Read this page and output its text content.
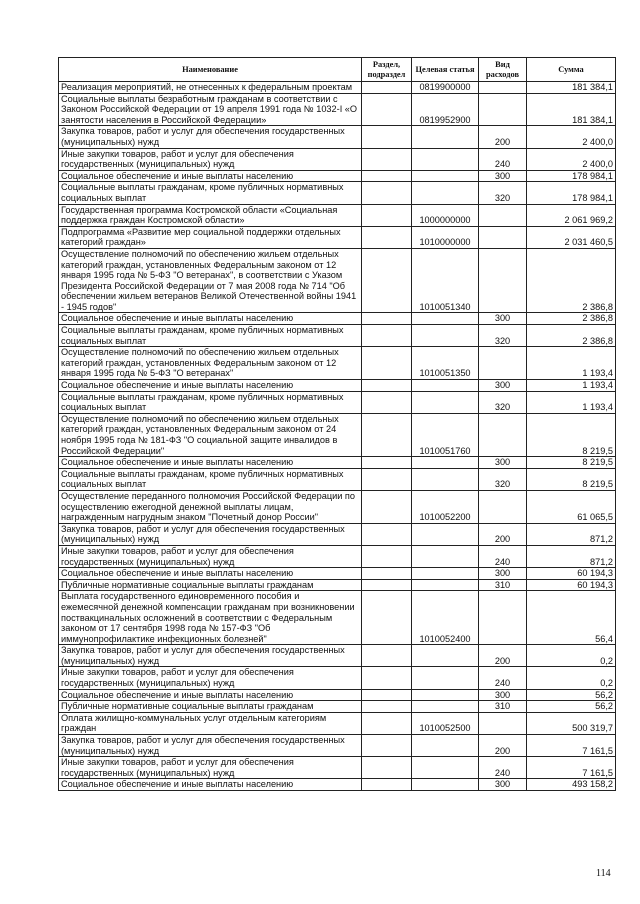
Наименование	Раздел, подраздел	Целевая статья	Вид расходов	Сумма
Реализация мероприятий, не отнесенных к федеральным проектам		0819900000		181 384,1
Социальные выплаты безработным гражданам в соответствии с Законом Российской Федерации от 19 апреля 1991 года № 1032-I «О занятости населения в Российской Федерации»		0819952900		181 384,1
Закупка товаров, работ и услуг для обеспечения государственных (муниципальных) нужд			200	2 400,0
Иные закупки товаров, работ и услуг для обеспечения государственных (муниципальных) нужд			240	2 400,0
Социальное обеспечение и иные выплаты населению			300	178 984,1
Социальные выплаты гражданам, кроме публичных нормативных социальных выплат			320	178 984,1
Государственная программа Костромской области «Социальная поддержка граждан Костромской области»		1000000000		2 061 969,2
Подпрограмма «Развитие мер социальной поддержки отдельных категорий граждан»		1010000000		2 031 460,5
Осуществление полномочий по обеспечению жильем отдельных категорий граждан, установленных Федеральным законом от 12 января 1995 года № 5-ФЗ "О ветеранах", в соответствии с Указом Президента Российской Федерации от 7 мая 2008 года № 714 "Об обеспечении жильем ветеранов Великой Отечественной войны 1941 - 1945 годов"		1010051340		2 386,8
Социальное обеспечение и иные выплаты населению			300	2 386,8
Социальные выплаты гражданам, кроме публичных нормативных социальных выплат			320	2 386,8
Осуществление полномочий по обеспечению жильем отдельных категорий граждан, установленных Федеральным законом от 12 января 1995 года № 5-ФЗ "О ветеранах"		1010051350		1 193,4
Социальное обеспечение и иные выплаты населению			300	1 193,4
Социальные выплаты гражданам, кроме публичных нормативных социальных выплат			320	1 193,4
Осуществление полномочий по обеспечению жильем отдельных категорий граждан, установленных Федеральным законом от 24 ноября 1995 года № 181-ФЗ "О социальной защите инвалидов в Российской Федерации"		1010051760		8 219,5
Социальное обеспечение и иные выплаты населению			300	8 219,5
Социальные выплаты гражданам, кроме публичных нормативных социальных выплат			320	8 219,5
Осуществление переданного полномочия Российской Федерации по осуществлению ежегодной денежной выплаты лицам, награжденным нагрудным знаком "Почетный донор России"		1010052200		61 065,5
Закупка товаров, работ и услуг для обеспечения государственных (муниципальных) нужд			200	871,2
Иные закупки товаров, работ и услуг для обеспечения государственных (муниципальных) нужд			240	871,2
Социальное обеспечение и иные выплаты населению			300	60 194,3
Публичные нормативные социальные выплаты гражданам			310	60 194,3
Выплата государственного единовременного пособия и ежемесячной денежной компенсации гражданам при возникновении поствакцинальных осложнений в соответствии с Федеральным законом от 17 сентября 1998 года № 157-ФЗ "Об иммунопрофилактике инфекционных болезней"		1010052400		56,4
Закупка товаров, работ и услуг для обеспечения государственных (муниципальных) нужд			200	0,2
Иные закупки товаров, работ и услуг для обеспечения государственных (муниципальных) нужд			240	0,2
Социальное обеспечение и иные выплаты населению			300	56,2
Публичные нормативные социальные выплаты гражданам			310	56,2
Оплата жилищно-коммунальных услуг отдельным категориям граждан		1010052500		500 319,7
Закупка товаров, работ и услуг для обеспечения государственных (муниципальных) нужд			200	7 161,5
Иные закупки товаров, работ и услуг для обеспечения государственных (муниципальных) нужд			240	7 161,5
Социальное обеспечение и иные выплаты населению			300	493 158,2
114
